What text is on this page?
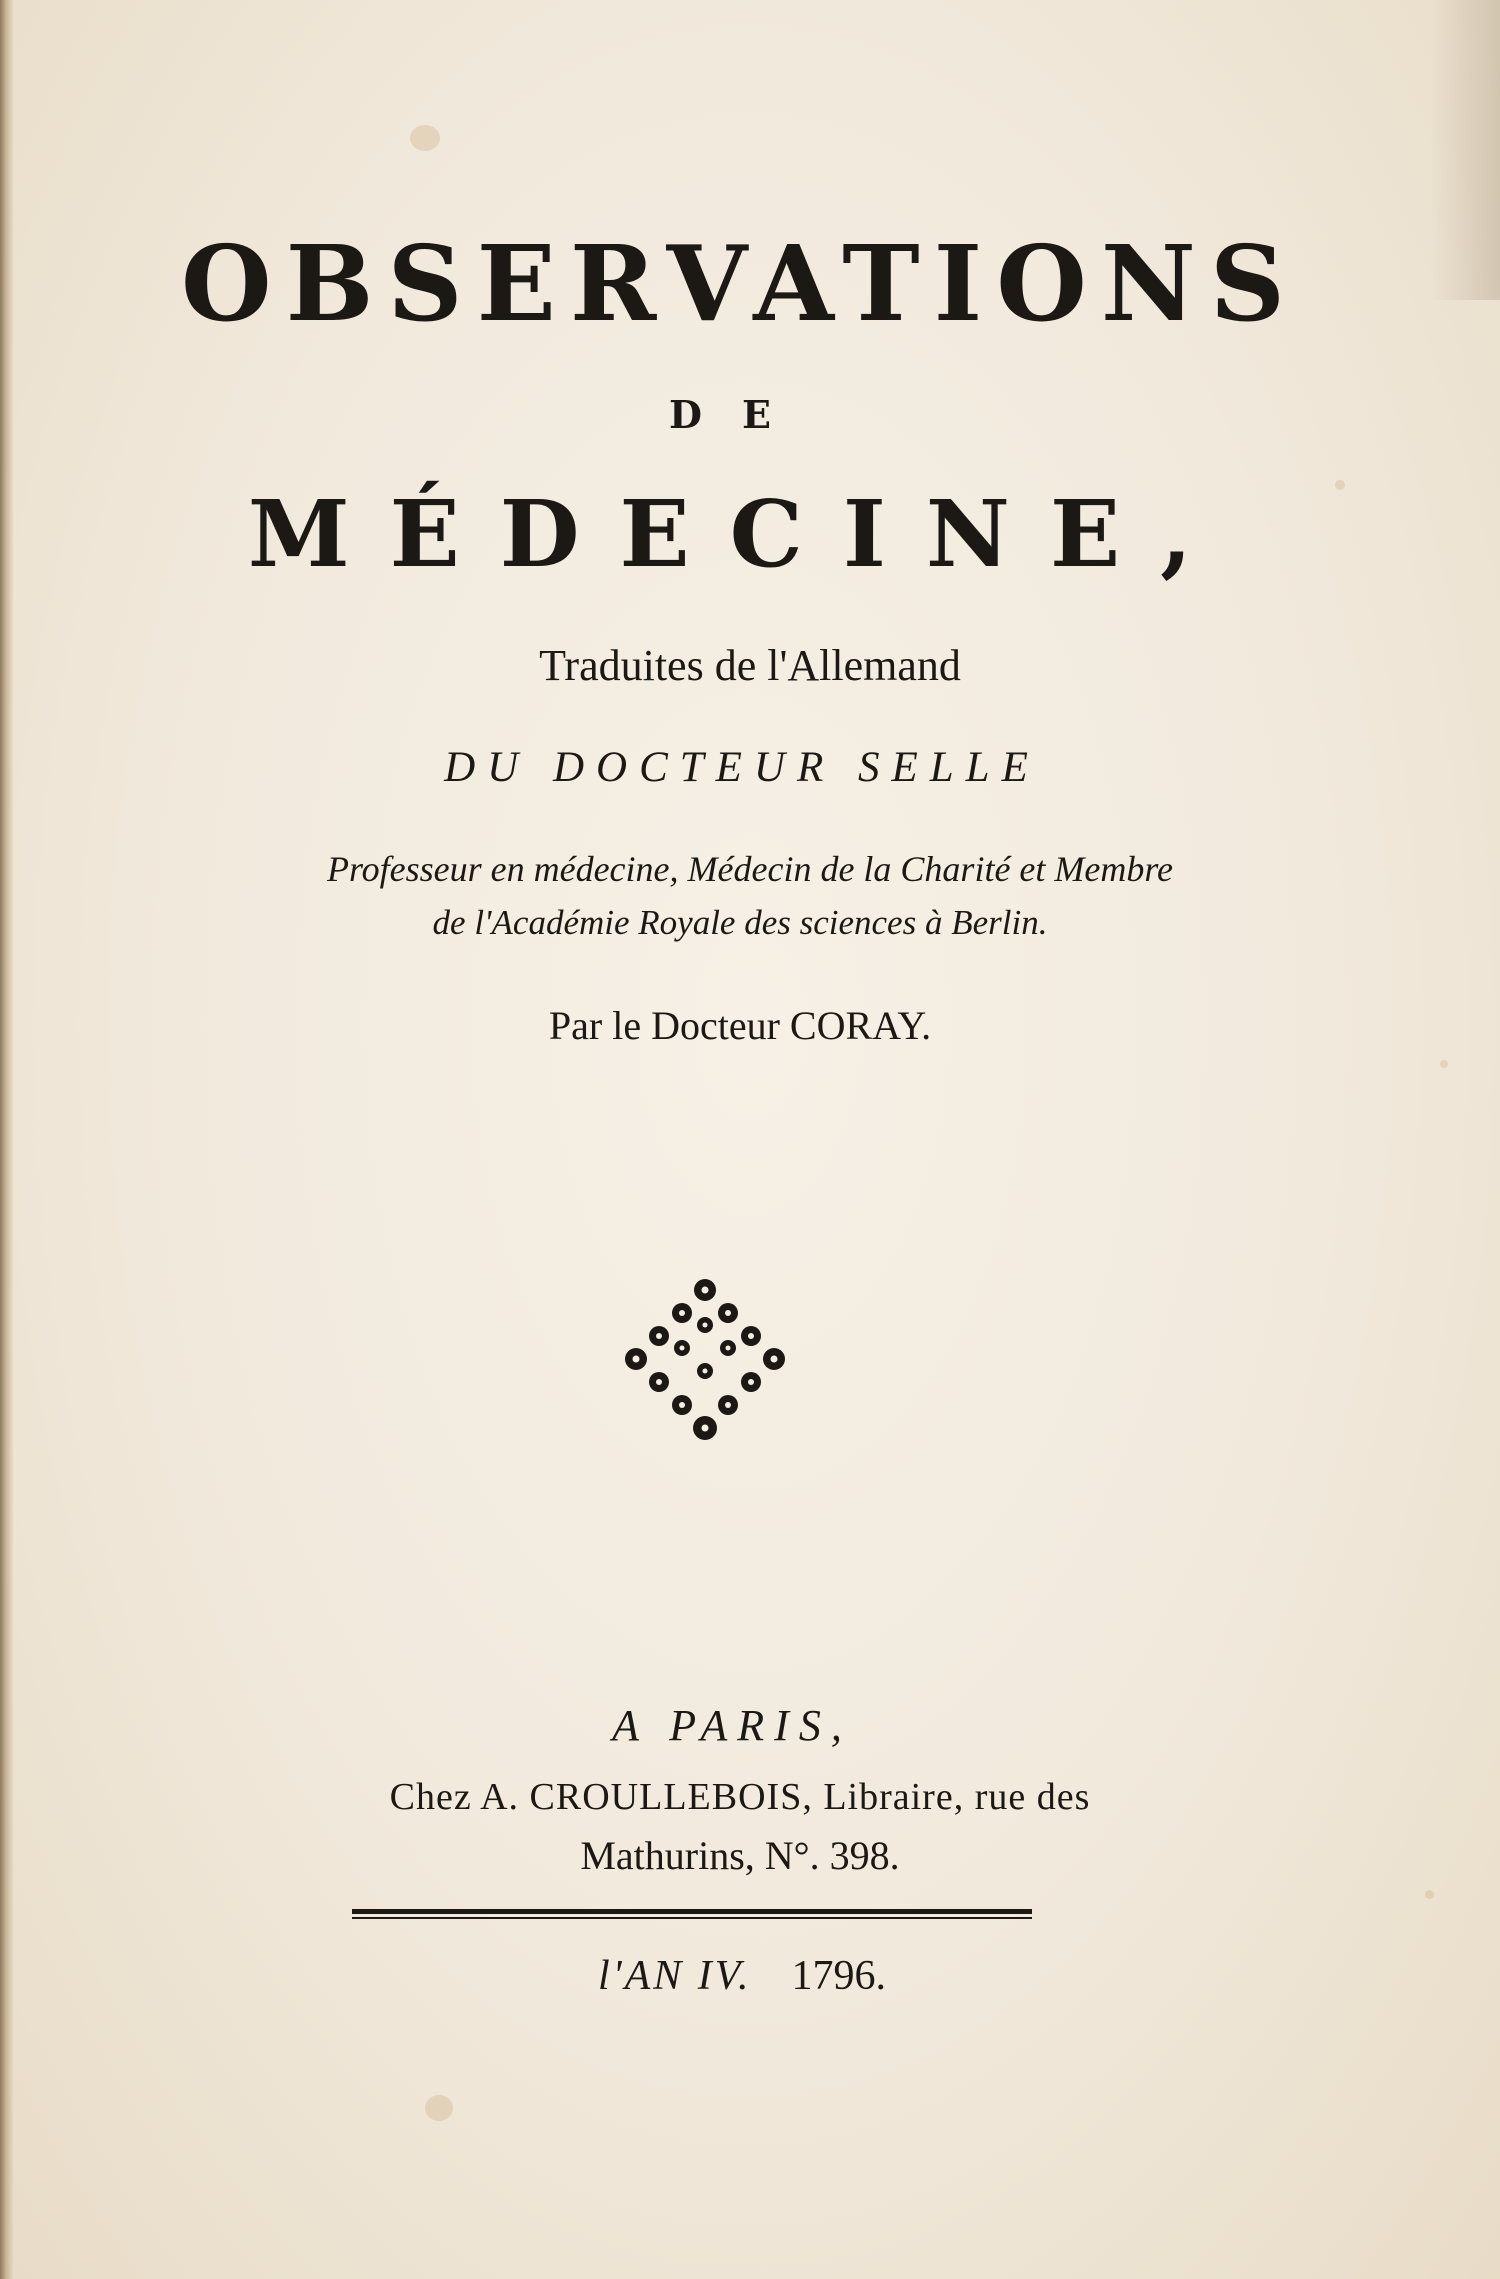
OBSERVATIONS
DE
MÉDECINE,
Traduites de l'Allemand
DU DOCTEUR SELLE
Professeur en médecine, Médecin de la Charité et Membre
de l'Académie Royale des sciences à Berlin.
Par le Docteur CORAY.
A PARIS,
Chez A. CROULLEBOIS, Libraire, rue des
Mathurins, N°. 398.
l'AN IV. 1796.
